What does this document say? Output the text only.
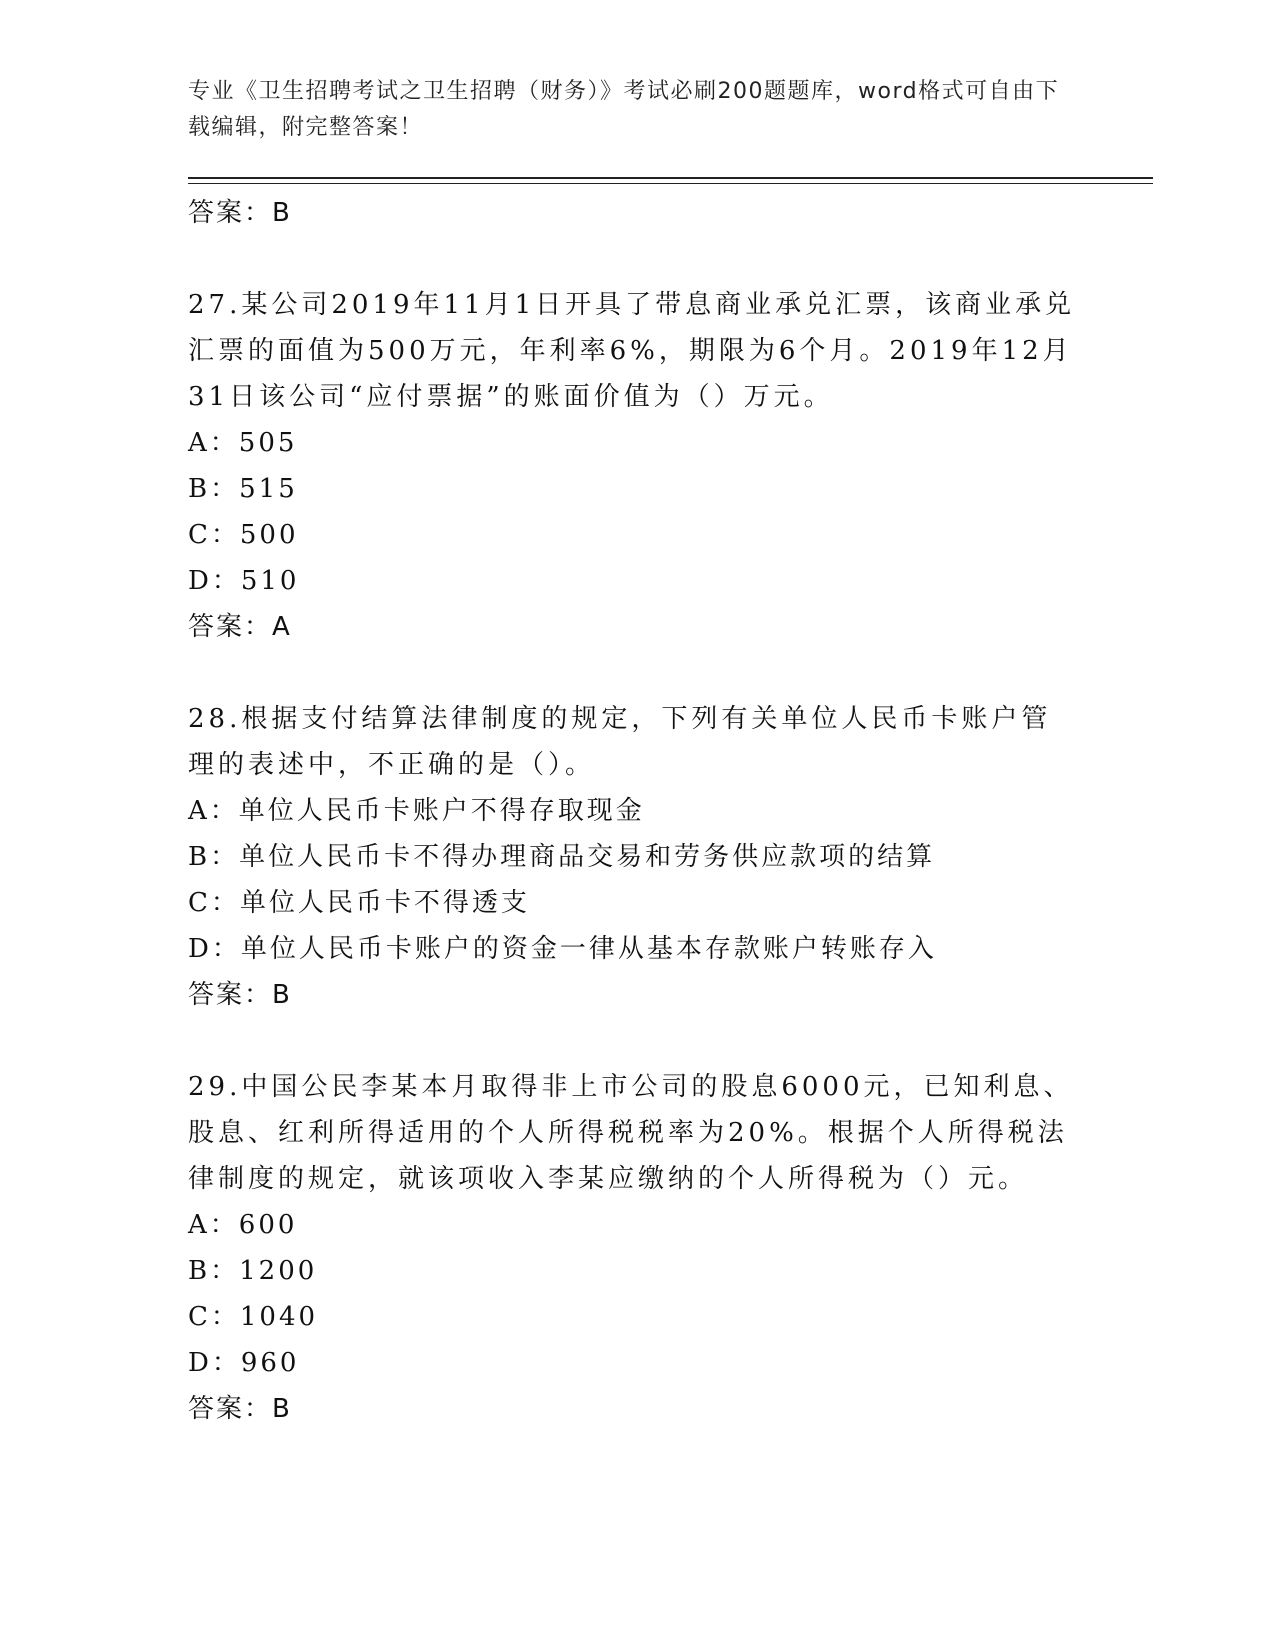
专业《卫生招聘考试之卫生招聘（财务）》考试必刷200题题库，word格式可自由下载编辑，附完整答案！
答案：B

27.某公司2019年11月1日开具了带息商业承兑汇票，该商业承兑汇票的面值为500万元，年利率6%，期限为6个月。2019年12月31日该公司“应付票据”的账面价值为（）万元。

A：505
B：515
C：500
D：510
答案：A

28.根据支付结算法律制度的规定，下列有关单位人民币卡账户管理的表述中，不正确的是（）。

A：单位人民币卡账户不得存取现金
B：单位人民币卡不得办理商品交易和劳务供应款项的结算
C：单位人民币卡不得透支
D：单位人民币卡账户的资金一律从基本存款账户转账存入
答案：B

29.中国公民李某本月取得非上市公司的股息6000元，已知利息、股息、红利所得适用的个人所得税税率为20%。根据个人所得税法律制度的规定，就该项收入李某应缴纳的个人所得税为（）元。

A：600
B：1200
C：1040
D：960
答案：B
